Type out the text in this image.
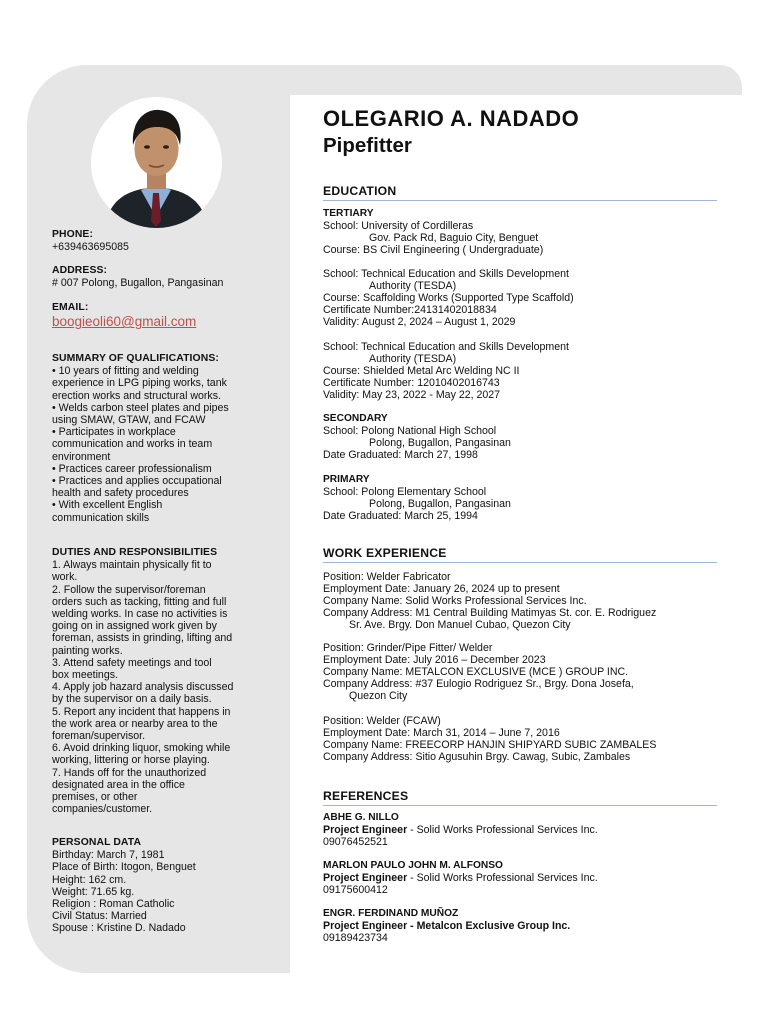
PHONE:

+639463695085

ADDRESS:

# 007 Polong, Bugallon, Pangasinan

EMAIL:

boogieoli60@gmail.com

SUMMARY OF QUALIFICATIONS:

• 10 years of fitting and welding

experience in LPG piping works, tank

erection works and structural works.

• Welds carbon steel plates and pipes

using SMAW, GTAW, and FCAW

• Participates in workplace

communication and works in team

environment

• Practices career professionalism

• Practices and applies occupational

health and safety procedures

• With excellent English

communication skills

DUTIES AND RESPONSIBILITIES

1. Always maintain physically fit to

work.

2. Follow the supervisor/foreman

orders such as tacking, fitting and full

welding works. In case no activities is

going on in assigned work given by

foreman, assists in grinding, lifting and

painting works.

3. Attend safety meetings and tool

box meetings.

4. Apply job hazard analysis discussed

by the supervisor on a daily basis.

5. Report any incident that happens in

the work area or nearby area to the

foreman/supervisor.

6. Avoid drinking liquor, smoking while

working, littering or horse playing.

7. Hands off for the unauthorized

designated area in the office

premises, or other

companies/customer.

PERSONAL DATA

Birthday: March 7, 1981

Place of Birth: Itogon, Benguet

Height: 162 cm.

Weight: 71.65 kg.

Religion : Roman Catholic

Civil Status: Married

Spouse : Kristine D. Nadado

OLEGARIO A. NADADO
Pipefitter
EDUCATION

TERTIARY

School: University of Cordilleras

Gov. Pack Rd, Baguio City, Benguet

Course: BS Civil Engineering ( Undergraduate)

School: Technical Education and Skills Development

Authority (TESDA)

Course: Scaffolding Works (Supported Type Scaffold)

Certificate Number:24131402018834

Validity: August 2, 2024 – August 1, 2029

School: Technical Education and Skills Development

Authority (TESDA)

Course: Shielded Metal Arc Welding NC II

Certificate Number: 12010402016743

Validity: May 23, 2022 - May 22, 2027

SECONDARY

School: Polong National High School

Polong, Bugallon, Pangasinan

Date Graduated: March 27, 1998

PRIMARY

School: Polong Elementary School

Polong, Bugallon, Pangasinan

Date Graduated: March 25, 1994

WORK EXPERIENCE

Position: Welder Fabricator

Employment Date: January 26, 2024 up to present

Company Name: Solid Works Professional Services Inc.

Company Address: M1 Central Building Matimyas St. cor. E. Rodriguez

Sr. Ave. Brgy. Don Manuel Cubao, Quezon City

Position: Grinder/Pipe Fitter/ Welder

Employment Date: July 2016 – December 2023

Company Name: METALCON EXCLUSIVE (MCE ) GROUP INC.

Company Address: #37 Eulogio Rodriguez Sr., Brgy. Dona Josefa,

Quezon City

Position: Welder (FCAW)

Employment Date: March 31, 2014 – June 7, 2016

Company Name: FREECORP HANJIN SHIPYARD SUBIC ZAMBALES

Company Address: Sitio Agusuhin Brgy. Cawag, Subic, Zambales

REFERENCES

ABHE G. NILLO

Project Engineer - Solid Works Professional Services Inc.

09076452521

MARLON PAULO JOHN M. ALFONSO

Project Engineer - Solid Works Professional Services Inc.

09175600412

ENGR. FERDINAND MUÑOZ

Project Engineer - Metalcon Exclusive Group Inc.

09189423734
